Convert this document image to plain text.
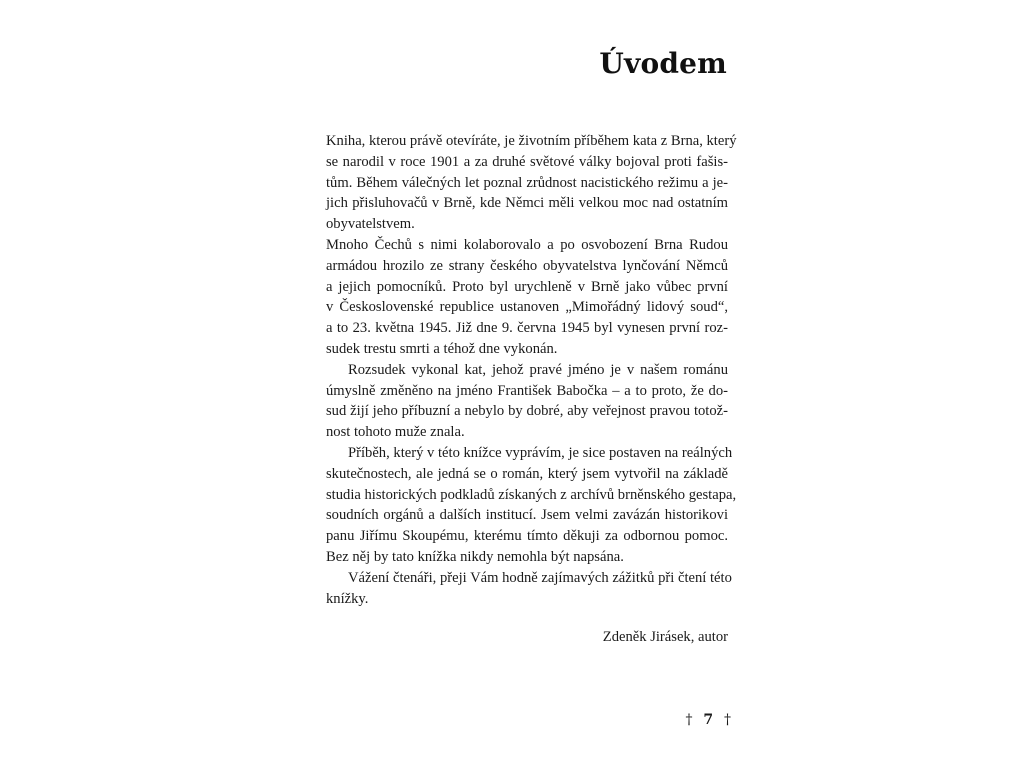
Úvodem
Kniha, kterou právě otevíráte, je životním příběhem kata z Brna, který
se narodil v roce 1901 a za druhé světové války bojoval proti fašis-
tům. Během válečných let poznal zrůdnost nacistického režimu a je-
jich přisluhovačů v Brně, kde Němci měli velkou moc nad ostatním
obyvatelstvem.
Mnoho Čechů s nimi kolaborovalo a po osvobození Brna Rudou
armádou hrozilo ze strany českého obyvatelstva lynčování Němců
a jejich pomocníků. Proto byl urychleně v Brně jako vůbec první
v Československé republice ustanoven „Mimořádný lidový soud“,
a to 23. května 1945. Již dne 9. června 1945 byl vynesen první roz-
sudek trestu smrti a téhož dne vykonán.
Rozsudek vykonal kat, jehož pravé jméno je v našem románu
úmyslně změněno na jméno František Babočka – a to proto, že do-
sud žijí jeho příbuzní a nebylo by dobré, aby veřejnost pravou totož-
nost tohoto muže znala.
Příběh, který v této knížce vyprávím, je sice postaven na reálných
skutečnostech, ale jedná se o román, který jsem vytvořil na základě
studia historických podkladů získaných z archívů brněnského gestapa,
soudních orgánů a dalších institucí. Jsem velmi zavázán historikovi
panu Jiřímu Skoupému, kterému tímto děkuji za odbornou pomoc.
Bez něj by tato knížka nikdy nemohla být napsána.
Vážení čtenáři, přeji Vám hodně zajímavých zážitků při čtení této
knížky.
Zdeněk Jirásek, autor
† 7 †
